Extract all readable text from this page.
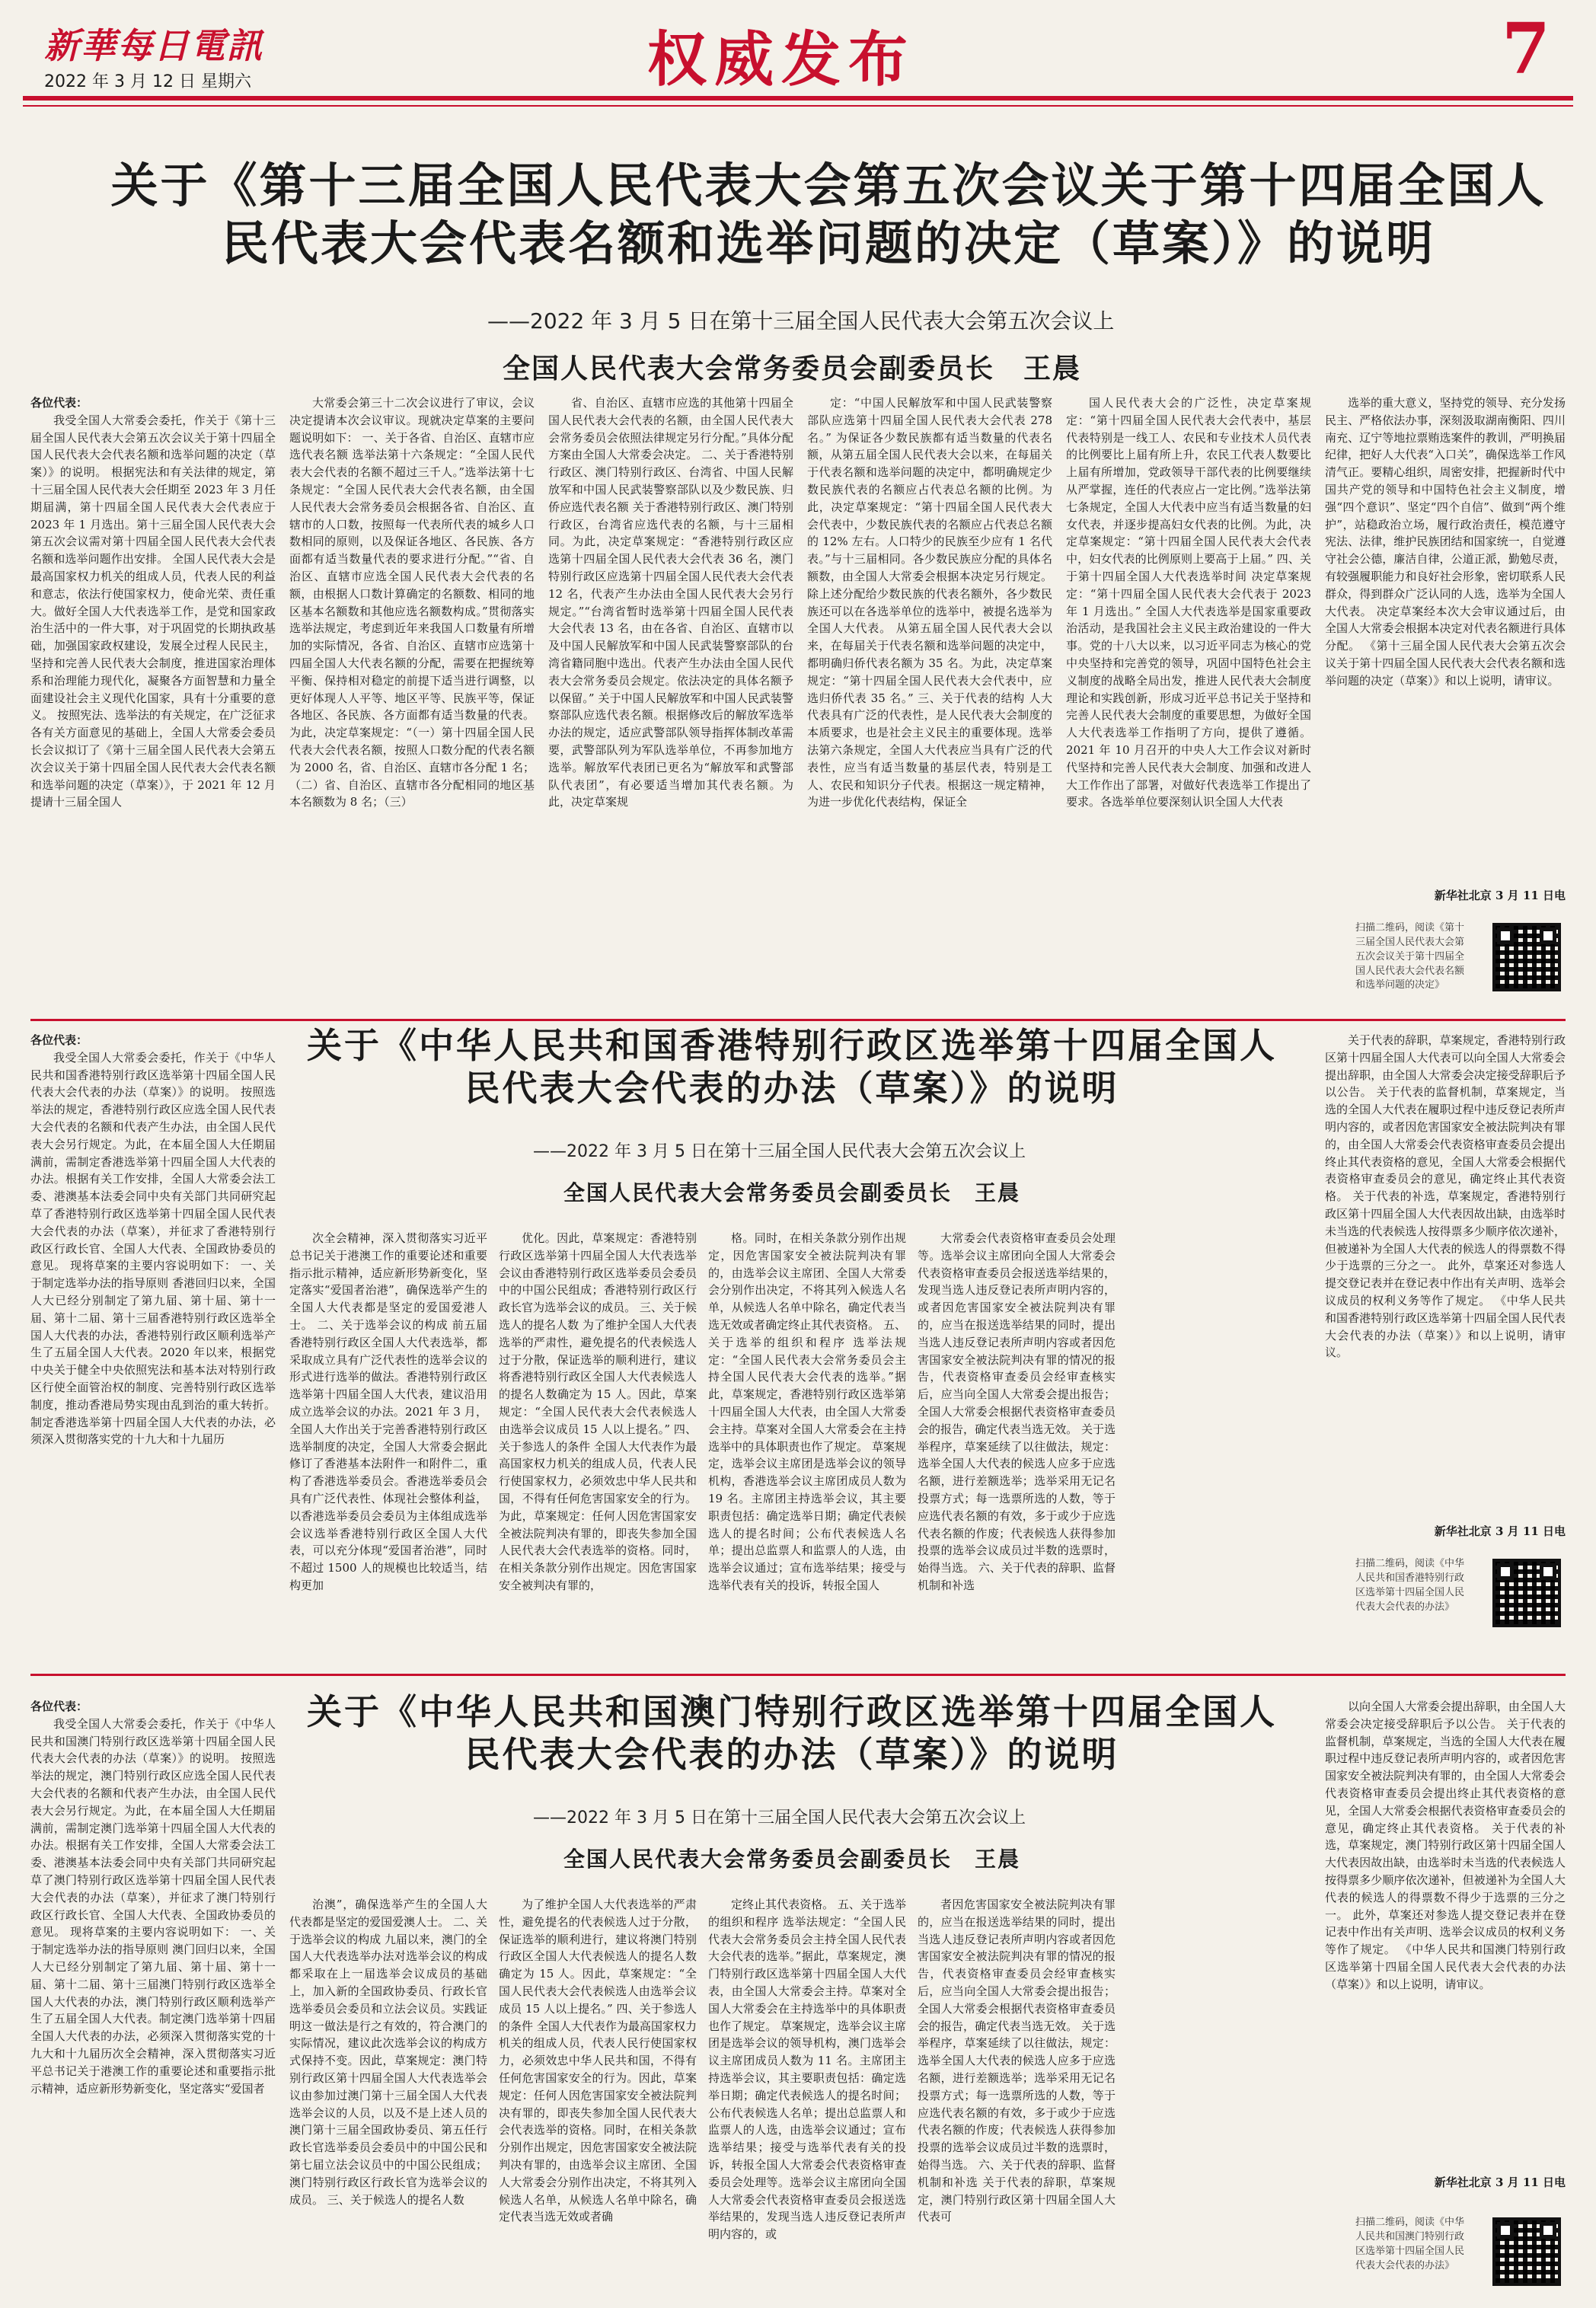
新華每日電訊
2022 年 3 月 12 日 星期六	权威发布	7
关于《第十三届全国人民代表大会第五次会议关于第十四届全国人民代表大会代表名额和选举问题的决定（草案）》的说明
——2022 年 3 月 5 日在第十三届全国人民代表大会第五次会议上
全国人民代表大会常务委员会副委员长　王晨

各位代表：

我受全国人大常委会委托，作关于《第十三届全国人民代表大会第五次会议关于第十四届全国人民代表大会代表名额和选举问题的决定（草案）》的说明。 根据宪法和有关法律的规定，第十三届全国人民代表大会任期至 2023 年 3 月任期届满，第十四届全国人民代表大会代表应于 2023 年 1 月选出。第十三届全国人民代表大会第五次会议需对第十四届全国人民代表大会代表名额和选举问题作出安排。 全国人民代表大会是最高国家权力机关的组成人员，代表人民的利益和意志，依法行使国家权力，使命光荣、责任重大。做好全国人大代表选举工作，是党和国家政治生活中的一件大事，对于巩固党的长期执政基础，加强国家政权建设，发展全过程人民民主，坚持和完善人民代表大会制度，推进国家治理体系和治理能力现代化，凝聚各方面智慧和力量全面建设社会主义现代化国家，具有十分重要的意义。 按照宪法、选举法的有关规定，在广泛征求各有关方面意见的基础上，全国人大常委会委员长会议拟订了《第十三届全国人民代表大会第五次会议关于第十四届全国人民代表大会代表名额和选举问题的决定（草案）》，于 2021 年 12 月提请十三届全国人

大常委会第三十二次会议进行了审议，会议决定提请本次会议审议。现就决定草案的主要问题说明如下： 一、关于各省、自治区、直辖市应选代表名额 选举法第十六条规定：“全国人民代表大会代表的名额不超过三千人。”选举法第十七条规定：“全国人民代表大会代表名额，由全国人民代表大会常务委员会根据各省、自治区、直辖市的人口数，按照每一代表所代表的城乡人口数相同的原则，以及保证各地区、各民族、各方面都有适当数量代表的要求进行分配。”“省、自治区、直辖市应选全国人民代表大会代表的名额，由根据人口数计算确定的名额数、相同的地区基本名额数和其他应选名额数构成。”贯彻落实选举法规定，考虑到近年来我国人口数量有所增加的实际情况，各省、自治区、直辖市应选第十四届全国人大代表名额的分配，需要在把握统筹平衡、保持相对稳定的前提下适当进行调整，以更好体现人人平等、地区平等、民族平等，保证各地区、各民族、各方面都有适当数量的代表。为此，决定草案规定：“（一）第十四届全国人民代表大会代表名额，按照人口数分配的代表名额为 2000 名，省、自治区、直辖市各分配 1 名；（二）省、自治区、直辖市各分配相同的地区基本名额数为 8 名；（三）

省、自治区、直辖市应选的其他第十四届全国人民代表大会代表的名额，由全国人民代表大会常务委员会依照法律规定另行分配。”具体分配方案由全国人大常委会决定。 二、关于香港特别行政区、澳门特别行政区、台湾省、中国人民解放军和中国人民武装警察部队以及少数民族、归侨应选代表名额 关于香港特别行政区、澳门特别行政区，台湾省应选代表的名额，与十三届相同。为此，决定草案规定：“香港特别行政区应选第十四届全国人民代表大会代表 36 名，澳门特别行政区应选第十四届全国人民代表大会代表 12 名，代表产生办法由全国人民代表大会另行规定。”“台湾省暂时选举第十四届全国人民代表大会代表 13 名，由在各省、自治区、直辖市以及中国人民解放军和中国人民武装警察部队的台湾省籍同胞中选出。代表产生办法由全国人民代表大会常务委员会规定。依法决定的具体名额予以保留。” 关于中国人民解放军和中国人民武装警察部队应选代表名额。根据修改后的解放军选举办法的规定，适应武警部队领导指挥体制改革需要，武警部队列为军队选举单位，不再参加地方选举。解放军代表团已更名为“解放军和武警部队代表团”，有必要适当增加其代表名额。为此，决定草案规

定：“中国人民解放军和中国人民武装警察部队应选第十四届全国人民代表大会代表 278 名。” 为保证各少数民族都有适当数量的代表名额，从第五届全国人民代表大会以来，在每届关于代表名额和选举问题的决定中，都明确规定少数民族代表的名额应占代表总名额的比例。为此，决定草案规定：“第十四届全国人民代表大会代表中，少数民族代表的名额应占代表总名额的 12% 左右。人口特少的民族至少应有 1 名代表。”与十三届相同。各少数民族应分配的具体名额数，由全国人大常委会根据本决定另行规定。除上述分配给少数民族的代表名额外，各少数民族还可以在各选举单位的选举中，被提名选举为全国人大代表。 从第五届全国人民代表大会以来，在每届关于代表名额和选举问题的决定中，都明确归侨代表名额为 35 名。为此，决定草案规定：“第十四届全国人民代表大会代表中，应选归侨代表 35 名。” 三、关于代表的结构 人大代表具有广泛的代表性，是人民代表大会制度的本质要求，也是社会主义民主的重要体现。选举法第六条规定，全国人大代表应当具有广泛的代表性，应当有适当数量的基层代表，特别是工人、农民和知识分子代表。根据这一规定精神，为进一步优化代表结构，保证全

国人民代表大会的广泛性，决定草案规定：“第十四届全国人民代表大会代表中，基层代表特别是一线工人、农民和专业技术人员代表的比例要比上届有所上升，农民工代表人数要比上届有所增加，党政领导干部代表的比例要继续从严掌握，连任的代表应占一定比例。”选举法第七条规定，全国人大代表中应当有适当数量的妇女代表，并逐步提高妇女代表的比例。为此，决定草案规定：“第十四届全国人民代表大会代表中，妇女代表的比例原则上要高于上届。” 四、关于第十四届全国人大代表选举时间 决定草案规定：“第十四届全国人民代表大会代表于 2023 年 1 月选出。” 全国人大代表选举是国家重要政治活动，是我国社会主义民主政治建设的一件大事。党的十八大以来，以习近平同志为核心的党中央坚持和完善党的领导，巩固中国特色社会主义制度的战略全局出发，推进人民代表大会制度理论和实践创新，形成习近平总书记关于坚持和完善人民代表大会制度的重要思想，为做好全国人大代表选举工作指明了方向，提供了遵循。2021 年 10 月召开的中央人大工作会议对新时代坚持和完善人民代表大会制度、加强和改进人大工作作出了部署，对做好代表选举工作提出了要求。各选举单位要深刻认识全国人大代表

选举的重大意义，坚持党的领导、充分发扬民主、严格依法办事，深刻汲取湖南衡阳、四川南充、辽宁等地拉票贿选案件的教训，严明换届纪律，把好人大代表“入口关”，确保选举工作风清气正。要精心组织，周密安排，把握新时代中国共产党的领导和中国特色社会主义制度，增强“四个意识”、坚定“四个自信”、做到“两个维护”，站稳政治立场，履行政治责任，模范遵守宪法、法律，维护民族团结和国家统一，自觉遵守社会公德，廉洁自律，公道正派，勤勉尽责，有较强履职能力和良好社会形象，密切联系人民群众，得到群众广泛认同的人选，选举为全国人大代表。 决定草案经本次大会审议通过后，由全国人大常委会根据本决定对代表名额进行具体分配。 《第十三届全国人民代表大会第五次会议关于第十四届全国人民代表大会代表名额和选举问题的决定（草案）》和以上说明，请审议。

新华社北京 3 月 11 日电

扫描二维码，阅读《第十三届全国人民代表大会第五次会议关于第十四届全国人民代表大会代表名额和选举问题的决定》

各位代表：

我受全国人大常委会委托，作关于《中华人民共和国香港特别行政区选举第十四届全国人民代表大会代表的办法（草案）》的说明。 按照选举法的规定，香港特别行政区应选全国人民代表大会代表的名额和代表产生办法，由全国人民代表大会另行规定。为此，在本届全国人大任期届满前，需制定香港选举第十四届全国人大代表的办法。根据有关工作安排，全国人大常委会法工委、港澳基本法委会同中央有关部门共同研究起草了香港特别行政区选举第十四届全国人民代表大会代表的办法（草案），并征求了香港特别行政区行政长官、全国人大代表、全国政协委员的意见。 现将草案的主要内容说明如下： 一、关于制定选举办法的指导原则 香港回归以来，全国人大已经分别制定了第九届、第十届、第十一届、第十二届、第十三届香港特别行政区选举全国人大代表的办法，香港特别行政区顺利选举产生了五届全国人大代表。2020 年以来，根据党中央关于健全中央依照宪法和基本法对特别行政区行使全面管治权的制度、完善特别行政区选举制度，推动香港局势实现由乱到治的重大转折。制定香港选举第十四届全国人大代表的办法，必须深入贯彻落实党的十九大和十九届历

关于《中华人民共和国香港特别行政区选举第十四届全国人民代表大会代表的办法（草案）》的说明
——2022 年 3 月 5 日在第十三届全国人民代表大会第五次会议上
全国人民代表大会常务委员会副委员长　王晨

次全会精神，深入贯彻落实习近平总书记关于港澳工作的重要论述和重要指示批示精神，适应新形势新变化，坚定落实“爱国者治港”，确保选举产生的全国人大代表都是坚定的爱国爱港人士。 二、关于选举会议的构成 前五届香港特别行政区全国人大代表选举，都采取成立具有广泛代表性的选举会议的形式进行选举的做法。香港特别行政区选举第十四届全国人大代表，建议沿用成立选举会议的办法。2021 年 3 月，全国人大作出关于完善香港特别行政区选举制度的决定，全国人大常委会据此修订了香港基本法附件一和附件二，重构了香港选举委员会。香港选举委员会具有广泛代表性、体现社会整体利益，以香港选举委员会委员为主体组成选举会议选举香港特别行政区全国人大代表，可以充分体现“爱国者治港”，同时不超过 1500 人的规模也比较适当，结构更加

优化。因此，草案规定：香港特别行政区选举第十四届全国人大代表选举会议由香港特别行政区选举委员会委员中的中国公民组成；香港特别行政区行政长官为选举会议的成员。 三、关于候选人的提名人数 为了维护全国人大代表选举的严肃性，避免提名的代表候选人过于分散，保证选举的顺利进行，建议将香港特别行政区全国人大代表候选人的提名人数确定为 15 人。因此，草案规定：“全国人民代表大会代表候选人由选举会议成员 15 人以上提名。” 四、关于参选人的条件 全国人大代表作为最高国家权力机关的组成人员，代表人民行使国家权力，必须效忠中华人民共和国，不得有任何危害国家安全的行为。为此，草案规定：任何人因危害国家安全被法院判决有罪的，即丧失参加全国人民代表大会代表选举的资格。同时，在相关条款分别作出规定。因危害国家安全被判决有罪的，

格。同时，在相关条款分别作出规定，因危害国家安全被法院判决有罪的，由选举会议主席团、全国人大常委会分别作出决定，不将其列入候选人名单，从候选人名单中除名，确定代表当选无效或者确定终止其代表资格。 五、关于选举的组织和程序 选举法规定：“全国人民代表大会常务委员会主持全国人民代表大会代表的选举。”据此，草案规定，香港特别行政区选举第十四届全国人大代表，由全国人大常委会主持。草案对全国人大常委会在主持选举中的具体职责也作了规定。 草案规定，选举会议主席团是选举会议的领导机构，香港选举会议主席团成员人数为 19 名。主席团主持选举会议，其主要职责包括：确定选举日期；确定代表候选人的提名时间；公布代表候选人名单；提出总监票人和监票人的人选，由选举会议通过；宣布选举结果；接受与选举代表有关的投诉，转报全国人

大常委会代表资格审查委员会处理等。选举会议主席团向全国人大常委会代表资格审查委员会报送选举结果的，发现当选人违反登记表所声明内容的，或者因危害国家安全被法院判决有罪的，应当在报送选举结果的同时，提出当选人违反登记表所声明内容或者因危害国家安全被法院判决有罪的情况的报告，代表资格审查委员会经审查核实后，应当向全国人大常委会提出报告；全国人大常委会根据代表资格审查委员会的报告，确定代表当选无效。 关于选举程序，草案延续了以往做法，规定：选举全国人大代表的候选人应多于应选名额，进行差额选举；选举采用无记名投票方式；每一选票所选的人数，等于应选代表名额的有效，多于或少于应选代表名额的作废；代表候选人获得参加投票的选举会议成员过半数的选票时，始得当选。 六、关于代表的辞职、监督机制和补选

关于代表的辞职，草案规定，香港特别行政区第十四届全国人大代表可以向全国人大常委会提出辞职，由全国人大常委会决定接受辞职后予以公告。 关于代表的监督机制，草案规定，当选的全国人大代表在履职过程中违反登记表所声明内容的，或者因危害国家安全被法院判决有罪的，由全国人大常委会代表资格审查委员会提出终止其代表资格的意见，全国人大常委会根据代表资格审查委员会的意见，确定终止其代表资格。 关于代表的补选，草案规定，香港特别行政区第十四届全国人大代表因故出缺，由选举时未当选的代表候选人按得票多少顺序依次递补，但被递补为全国人大代表的候选人的得票数不得少于选票的三分之一。 此外，草案还对参选人提交登记表并在登记表中作出有关声明、选举会议成员的权利义务等作了规定。 《中华人民共和国香港特别行政区选举第十四届全国人民代表大会代表的办法（草案）》和以上说明，请审议。

新华社北京 3 月 11 日电

扫描二维码，阅读《中华人民共和国香港特别行政区选举第十四届全国人民代表大会代表的办法》

各位代表：

我受全国人大常委会委托，作关于《中华人民共和国澳门特别行政区选举第十四届全国人民代表大会代表的办法（草案）》的说明。 按照选举法的规定，澳门特别行政区应选全国人民代表大会代表的名额和代表产生办法，由全国人民代表大会另行规定。为此，在本届全国人大任期届满前，需制定澳门选举第十四届全国人大代表的办法。根据有关工作安排，全国人大常委会法工委、港澳基本法委会同中央有关部门共同研究起草了澳门特别行政区选举第十四届全国人民代表大会代表的办法（草案），并征求了澳门特别行政区行政长官、全国人大代表、全国政协委员的意见。 现将草案的主要内容说明如下： 一、关于制定选举办法的指导原则 澳门回归以来，全国人大已经分别制定了第九届、第十届、第十一届、第十二届、第十三届澳门特别行政区选举全国人大代表的办法，澳门特别行政区顺利选举产生了五届全国人大代表。制定澳门选举第十四届全国人大代表的办法，必须深入贯彻落实党的十九大和十九届历次全会精神，深入贯彻落实习近平总书记关于港澳工作的重要论述和重要指示批示精神，适应新形势新变化，坚定落实“爱国者

关于《中华人民共和国澳门特别行政区选举第十四届全国人民代表大会代表的办法（草案）》的说明
——2022 年 3 月 5 日在第十三届全国人民代表大会第五次会议上
全国人民代表大会常务委员会副委员长　王晨

治澳”，确保选举产生的全国人大代表都是坚定的爱国爱澳人士。 二、关于选举会议的构成 九届以来，澳门的全国人大代表选举办法对选举会议的构成都采取在上一届选举会议成员的基础上，加入新的全国政协委员、行政长官选举委员会委员和立法会议员。实践证明这一做法是行之有效的，符合澳门的实际情况，建议此次选举会议的构成方式保持不变。因此，草案规定：澳门特别行政区第十四届全国人大代表选举会议由参加过澳门第十三届全国人大代表选举会议的人员，以及不是上述人员的澳门第十三届全国政协委员、第五任行政长官选举委员会委员中的中国公民和第七届立法会议员中的中国公民组成；澳门特别行政区行政长官为选举会议的成员。 三、关于候选人的提名人数

为了维护全国人大代表选举的严肃性，避免提名的代表候选人过于分散，保证选举的顺利进行，建议将澳门特别行政区全国人大代表候选人的提名人数确定为 15 人。因此，草案规定：“全国人民代表大会代表候选人由选举会议成员 15 人以上提名。” 四、关于参选人的条件 全国人大代表作为最高国家权力机关的组成人员，代表人民行使国家权力，必须效忠中华人民共和国，不得有任何危害国家安全的行为。因此，草案规定：任何人因危害国家安全被法院判决有罪的，即丧失参加全国人民代表大会代表选举的资格。同时，在相关条款分别作出规定，因危害国家安全被法院判决有罪的，由选举会议主席团、全国人大常委会分别作出决定，不将其列入候选人名单，从候选人名单中除名，确定代表当选无效或者确

定终止其代表资格。 五、关于选举的组织和程序 选举法规定：“全国人民代表大会常务委员会主持全国人民代表大会代表的选举。”据此，草案规定，澳门特别行政区选举第十四届全国人大代表，由全国人大常委会主持。草案对全国人大常委会在主持选举中的具体职责也作了规定。 草案规定，选举会议主席团是选举会议的领导机构，澳门选举会议主席团成员人数为 11 名。主席团主持选举会议，其主要职责包括：确定选举日期；确定代表候选人的提名时间；公布代表候选人名单；提出总监票人和监票人的人选，由选举会议通过；宣布选举结果；接受与选举代表有关的投诉，转报全国人大常委会代表资格审查委员会处理等。选举会议主席团向全国人大常委会代表资格审查委员会报送选举结果的，发现当选人违反登记表所声明内容的，或

者因危害国家安全被法院判决有罪的，应当在报送选举结果的同时，提出当选人违反登记表所声明内容或者因危害国家安全被法院判决有罪的情况的报告，代表资格审查委员会经审查核实后，应当向全国人大常委会提出报告；全国人大常委会根据代表资格审查委员会的报告，确定代表当选无效。 关于选举程序，草案延续了以往做法，规定：选举全国人大代表的候选人应多于应选名额，进行差额选举；选举采用无记名投票方式；每一选票所选的人数，等于应选代表名额的有效，多于或少于应选代表名额的作废；代表候选人获得参加投票的选举会议成员过半数的选票时，始得当选。 六、关于代表的辞职、监督机制和补选 关于代表的辞职，草案规定，澳门特别行政区第十四届全国人大代表可

以向全国人大常委会提出辞职，由全国人大常委会决定接受辞职后予以公告。 关于代表的监督机制，草案规定，当选的全国人大代表在履职过程中违反登记表所声明内容的，或者因危害国家安全被法院判决有罪的，由全国人大常委会代表资格审查委员会提出终止其代表资格的意见，全国人大常委会根据代表资格审查委员会的意见，确定终止其代表资格。 关于代表的补选，草案规定，澳门特别行政区第十四届全国人大代表因故出缺，由选举时未当选的代表候选人按得票多少顺序依次递补，但被递补为全国人大代表的候选人的得票数不得少于选票的三分之一。 此外，草案还对参选人提交登记表并在登记表中作出有关声明、选举会议成员的权利义务等作了规定。 《中华人民共和国澳门特别行政区选举第十四届全国人民代表大会代表的办法（草案）》和以上说明，请审议。

新华社北京 3 月 11 日电

扫描二维码，阅读《中华人民共和国澳门特别行政区选举第十四届全国人民代表大会代表的办法》
